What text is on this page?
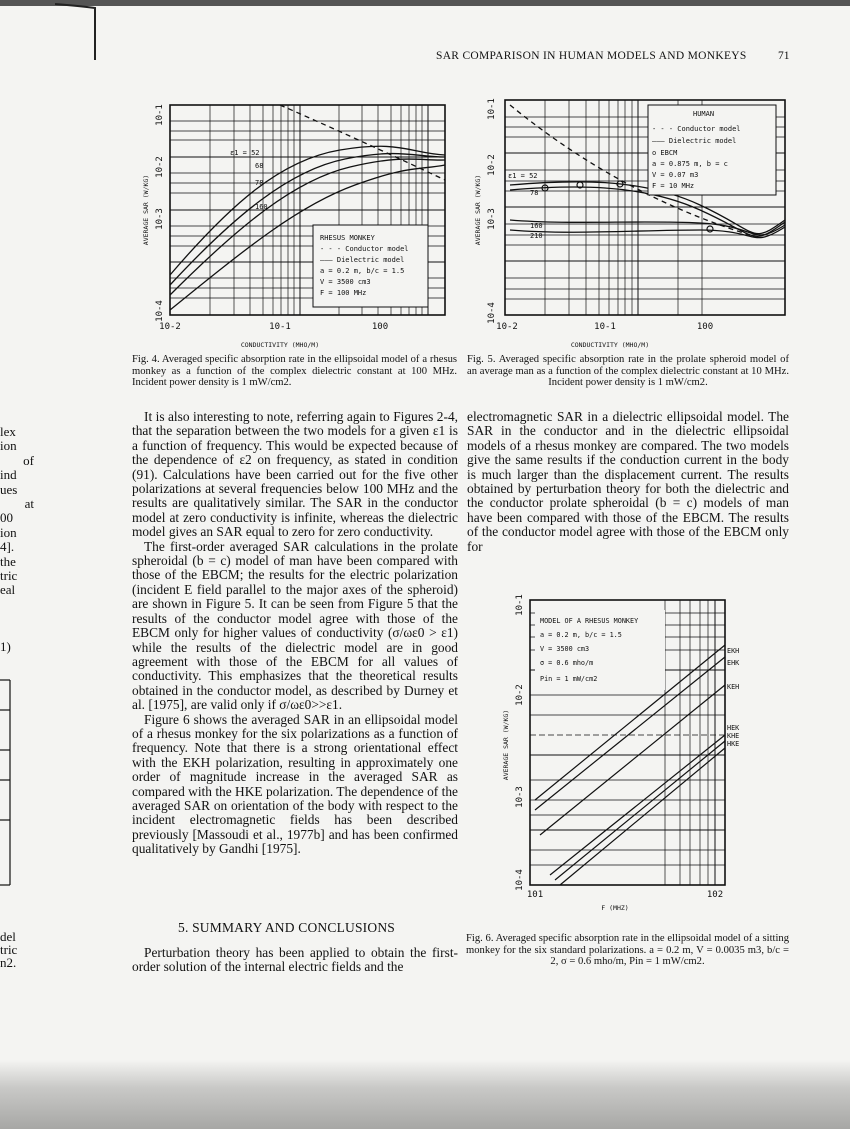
SAR COMPARISON IN HUMAN MODELS AND MONKEYS	71
RHESUS MONKEY
- - - Conductor model
——— Dielectric model
a = 0.2 m, b/c = 1.5
V = 3500 cm3
F = 100 MHz
ε1 = 52
68
78
160
10-1
10-2
10-3
10-4
10-2	10-1	100
CONDUCTIVITY (MHO/M)
AVERAGE SAR (W/KG)
Fig. 4. Averaged specific absorption rate in the ellipsoidal model of a rhesus monkey as a function of the complex dielectric constant at 100 MHz. Incident power density is 1 mW/cm2.
HUMAN
- - - Conductor model
——— Dielectric model
o EBCM
a = 0.875 m, b = c
V = 0.07 m3
F = 10 MHz
ε1 = 52
78
160
210
10-1
10-2
10-3
10-4
10-2	10-1	100
CONDUCTIVITY (MHO/M)
AVERAGE SAR (W/KG)
Fig. 5. Averaged specific absorption rate in the prolate spheroid model of an average man as a function of the complex dielectric constant at 10 MHz. Incident power density is 1 mW/cm2.

It is also interesting to note, referring again to Figures 2-4, that the separation between the two models for a given ε1 is a function of frequency. This would be expected because of the dependence of ε2 on frequency, as stated in condition (91). Calculations have been carried out for the five other polarizations at several frequencies below 100 MHz and the results are qualitatively similar. The SAR in the conductor model at zero conductivity is infinite, whereas the dielectric model gives an SAR equal to zero for zero conductivity.

The first-order averaged SAR calculations in the prolate spheroidal (b = c) model of man have been compared with those of the EBCM; the results for the electric polarization (incident E field parallel to the major axes of the spheroid) are shown in Figure 5. It can be seen from Figure 5 that the results of the conductor model agree with those of the EBCM only for higher values of conductivity (σ/ωε0 > ε1) while the results of the dielectric model are in good agreement with those of the EBCM for all values of conductivity. This emphasizes that the theoretical results obtained in the conductor model, as described by Durney et al. [1975], are valid only if σ/ωε0>>ε1.

Figure 6 shows the averaged SAR in an ellipsoidal model of a rhesus monkey for the six polarizations as a function of frequency. Note that there is a strong orientational effect with the EKH polarization, resulting in approximately one order of magnitude increase in the averaged SAR as compared with the HKE polarization. The dependence of the averaged SAR on orientation of the body with respect to the incident electromagnetic fields has been described previously [Massoudi et al., 1977b] and has been confirmed qualitatively by Gandhi [1975].

5. SUMMARY AND CONCLUSIONS
Perturbation theory has been applied to obtain the first-order solution of the internal electric fields and the
electromagnetic SAR in a dielectric ellipsoidal model. The SAR in the conductor and in the dielectric ellipsoidal models of a rhesus monkey are compared. The two models give the same results if the conduction current in the body is much larger than the displacement current. The results obtained by perturbation theory for both the dielectric and the conductor prolate spheroidal (b = c) models of man have been compared with those of the EBCM. The results of the conductor model agree with those of the EBCM only for
MODEL OF A RHESUS MONKEY
a = 0.2 m, b/c = 1.5
V = 3500 cm3
σ = 0.6 mho/m
Pin = 1 mW/cm2
EKH
EHK
KEH
HEK
KHE
HKE
10-1
10-2
10-3
10-4
101	102
F (MHZ)
AVERAGE SAR (W/KG)
Fig. 6. Averaged specific absorption rate in the ellipsoidal model of a sitting monkey for the six standard polarizations. a = 0.2 m, V = 0.0035 m3, b/c = 2, σ = 0.6 mho/m, Pin = 1 mW/cm2.
lex
ion
of
ind
ues
at
00
ion
4].
the
tric
eal
1)
del
tric
n2.
